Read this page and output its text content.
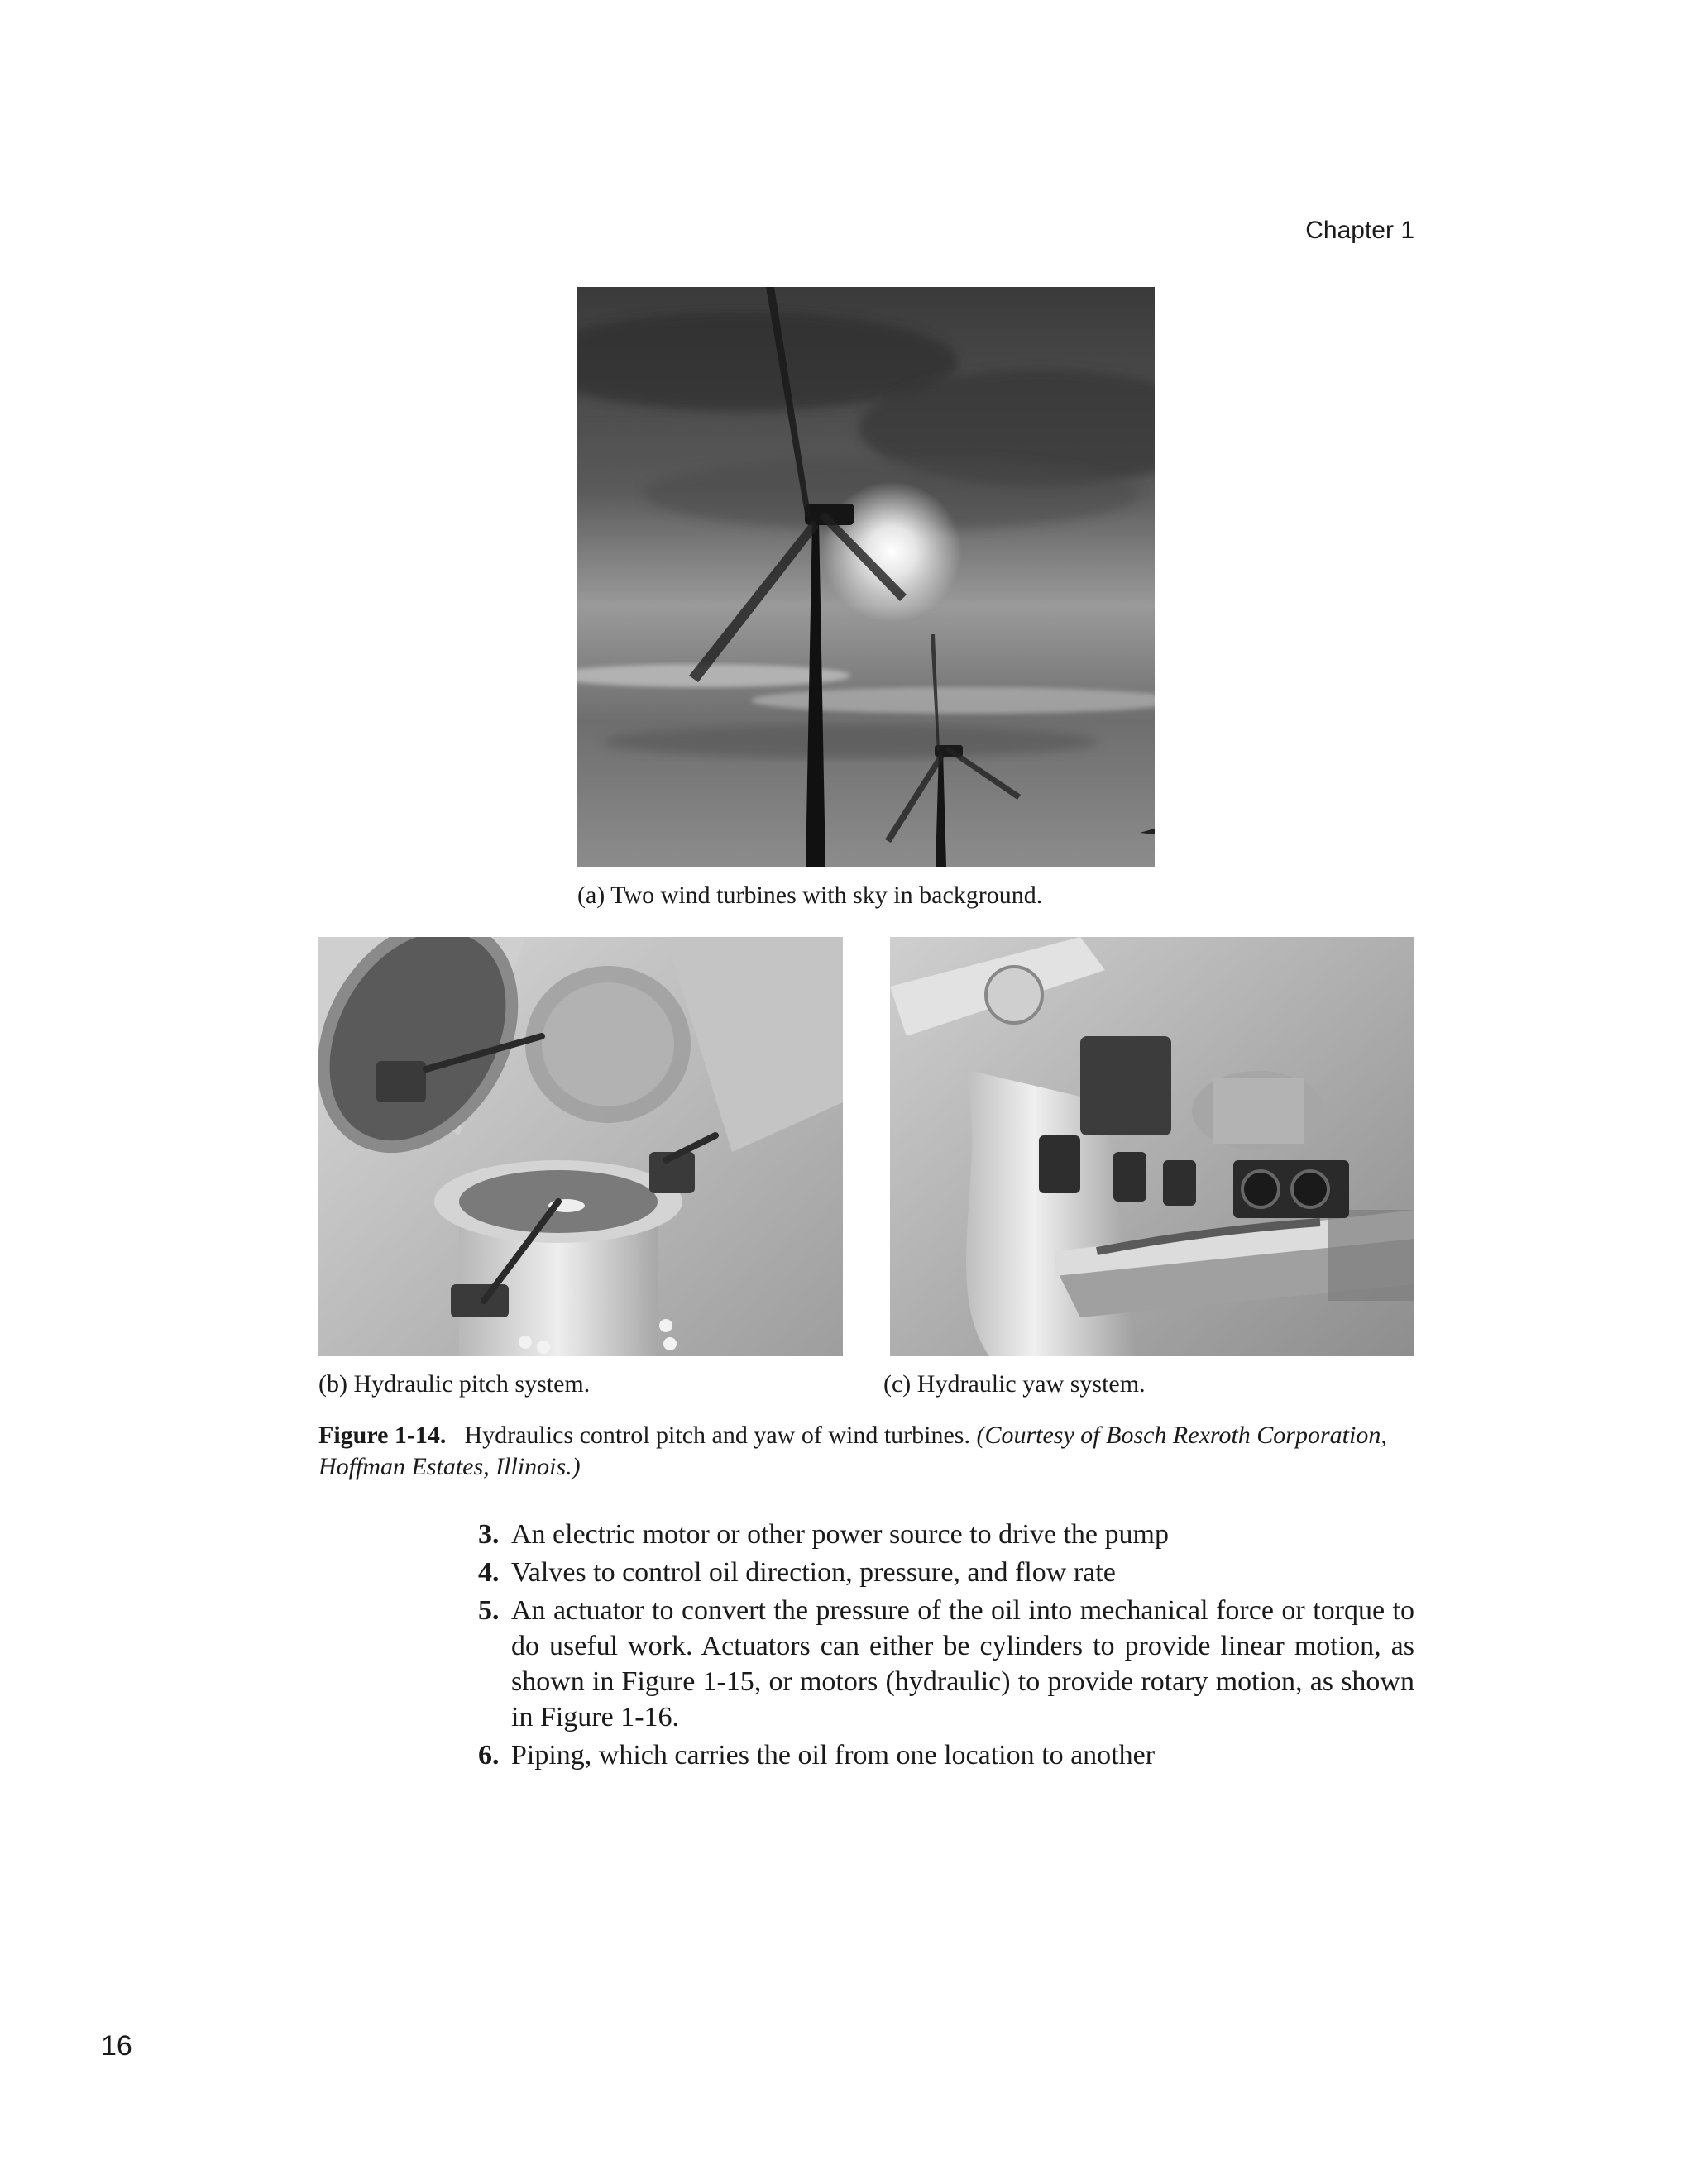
Chapter 1
(a) Two wind turbines with sky in background.
(b) Hydraulic pitch system.	(c) Hydraulic yaw system.
Figure 1-14. Hydraulics control pitch and yaw of wind turbines. (Courtesy of Bosch Rexroth Corporation, Hoffman Estates, Illinois.)
3. An electric motor or other power source to drive the pump
4. Valves to control oil direction, pressure, and flow rate
5. An actuator to convert the pressure of the oil into mechanical force or torque to do useful work. Actuators can either be cylinders to provide linear motion, as shown in Figure 1-15, or motors (hydraulic) to provide rotary motion, as shown in Figure 1-16.
6. Piping, which carries the oil from one location to another
16
